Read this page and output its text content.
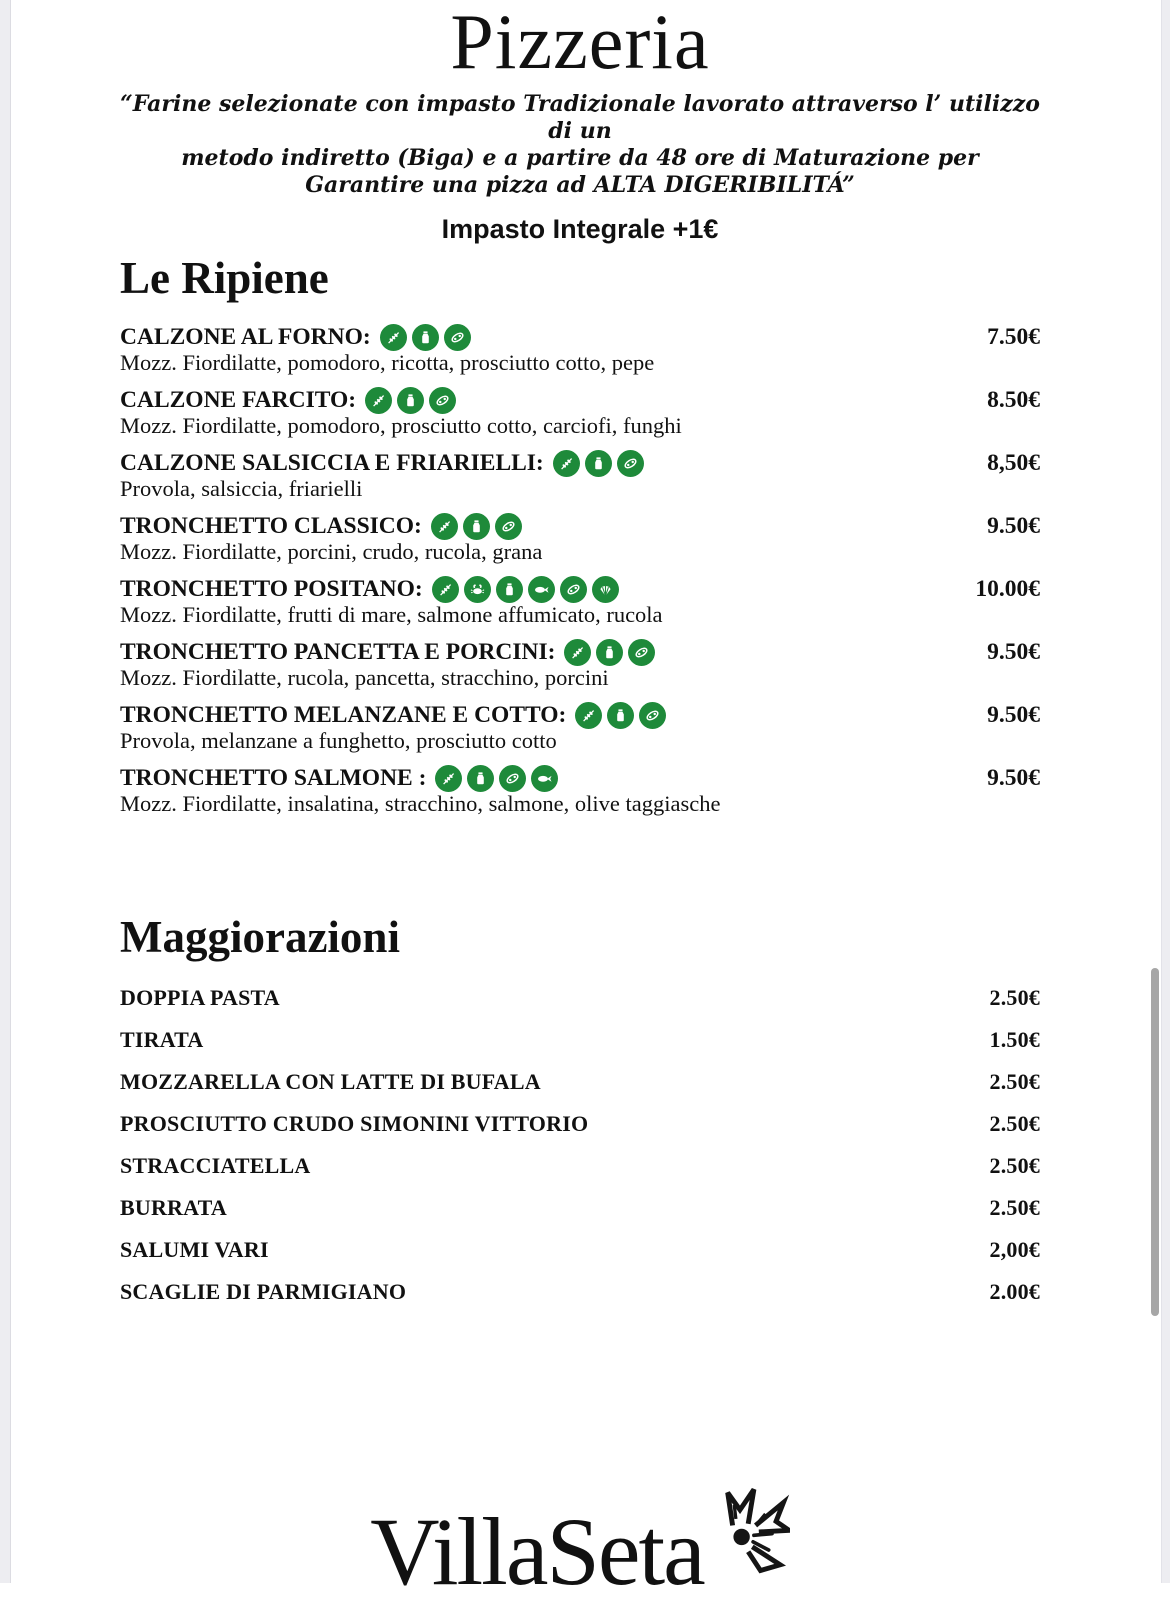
Pizzeria

“Farine selezionate con impasto Tradizionale lavorato attraverso l’ utilizzo di un

metodo indiretto (Biga) e a partire da 48 ore di Maturazione per Garantire una pizza ad ALTA DIGERIBILITÁ”

Impasto Integrale +1€

Le Ripiene
CALZONE AL FORNO:	7.50€
Mozz. Fiordilatte, pomodoro, ricotta, prosciutto cotto, pepe
CALZONE FARCITO:	8.50€
Mozz. Fiordilatte, pomodoro, prosciutto cotto, carciofi, funghi
CALZONE SALSICCIA E FRIARIELLI:	8,50€
Provola, salsiccia, friarielli
TRONCHETTO CLASSICO:	9.50€
Mozz. Fiordilatte, porcini, crudo, rucola, grana
TRONCHETTO POSITANO:	10.00€
Mozz. Fiordilatte, frutti di mare, salmone affumicato, rucola
TRONCHETTO PANCETTA E PORCINI:	9.50€
Mozz. Fiordilatte, rucola, pancetta, stracchino, porcini
TRONCHETTO MELANZANE E COTTO:	9.50€
Provola, melanzane a funghetto, prosciutto cotto
TRONCHETTO SALMONE :	9.50€
Mozz. Fiordilatte, insalatina, stracchino, salmone, olive taggiasche
Maggiorazioni
DOPPIA PASTA	2.50€
TIRATA	1.50€
MOZZARELLA CON LATTE DI BUFALA	2.50€
PROSCIUTTO CRUDO SIMONINI VITTORIO	2.50€
STRACCIATELLA	2.50€
BURRATA	2.50€
SALUMI VARI	2,00€
SCAGLIE DI PARMIGIANO	2.00€
VillaSeta
